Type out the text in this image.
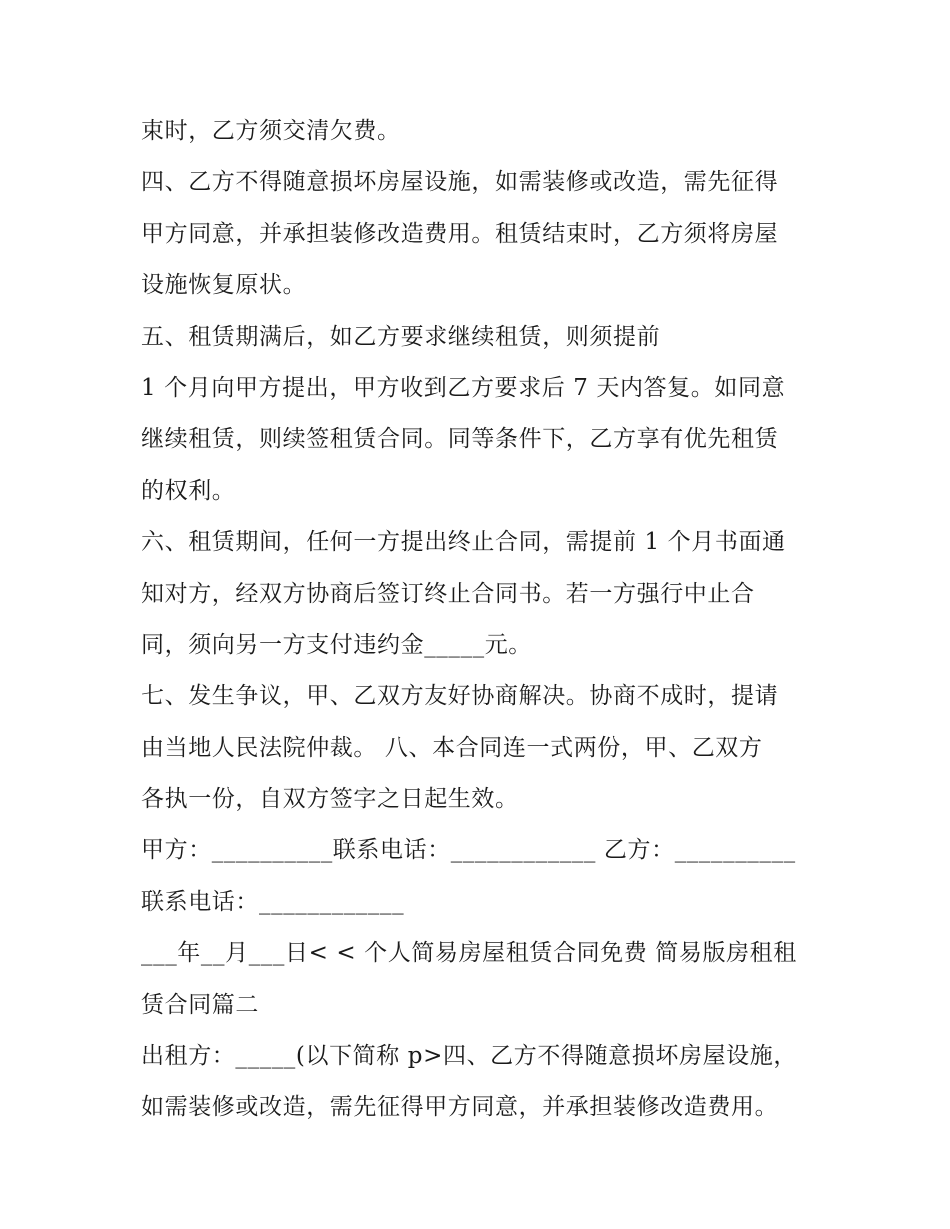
束时，乙方须交清欠费。
四、乙方不得随意损坏房屋设施，如需装修或改造，需先征得
甲方同意，并承担装修改造费用。租赁结束时，乙方须将房屋
设施恢复原状。
五、租赁期满后，如乙方要求继续租赁，则须提前
1 个月向甲方提出，甲方收到乙方要求后 7 天内答复。如同意
继续租赁，则续签租赁合同。同等条件下，乙方享有优先租赁
的权利。
六、租赁期间，任何一方提出终止合同，需提前 1 个月书面通
知对方，经双方协商后签订终止合同书。若一方强行中止合
同，须向另一方支付违约金_____元。
七、发生争议，甲、乙双方友好协商解决。协商不成时，提请
由当地人民法院仲裁。 八、本合同连一式两份，甲、乙双方
各执一份，自双方签字之日起生效。
甲方：__________联系电话：____________ 乙方：__________
联系电话：____________
___年__月___日< < 个人简易房屋租赁合同免费 简易版房租租
赁合同篇二
出租方：_____(以下简称 p>四、乙方不得随意损坏房屋设施，
如需装修或改造，需先征得甲方同意，并承担装修改造费用。
